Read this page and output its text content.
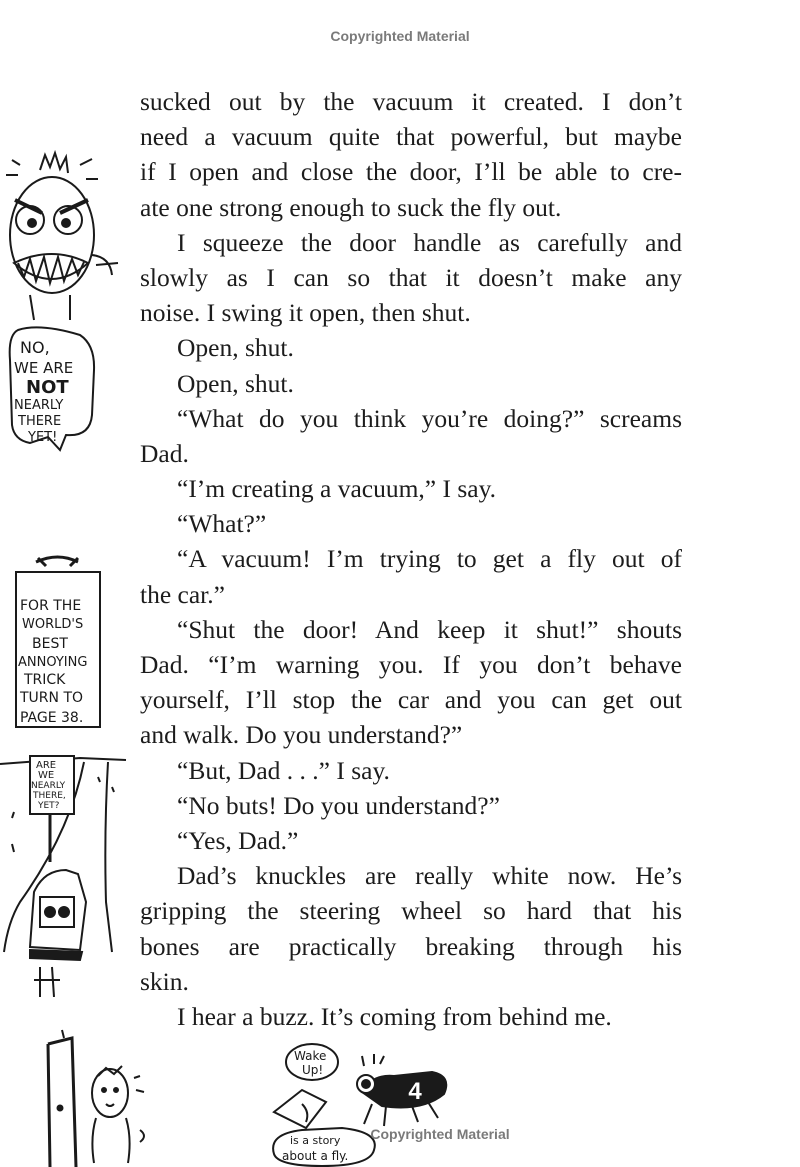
Copyrighted Material
sucked out by the vacuum it created. I don’t
need a vacuum quite that powerful, but maybe
if I open and close the door, I’ll be able to cre-
ate one strong enough to suck the fly out.
I squeeze the door handle as carefully and
slowly as I can so that it doesn’t make any
noise. I swing it open, then shut.
Open, shut.
Open, shut.
“What do you think you’re doing?” screams
Dad.
“I’m creating a vacuum,” I say.
“What?”
“A vacuum! I’m trying to get a fly out of
the car.”
“Shut the door! And keep it shut!” shouts
Dad. “I’m warning you. If you don’t behave
yourself, I’ll stop the car and you can get out
and walk. Do you understand?”
“But, Dad . . .” I say.
“No buts! Do you understand?”
“Yes, Dad.”
Dad’s knuckles are really white now. He’s
gripping the steering wheel so hard that his
bones are practically breaking through his
skin.
I hear a buzz. It’s coming from behind me.
NO,
WE ARE
NOT
NEARLY
THERE
YET!
FOR THE
WORLD'S
BEST
ANNOYING
TRICK
TURN TO
PAGE 38.
ARE
WE
NEARLY
THERE,
YET?
Wake
Up!
is a story
about a fly.
4
Copyrighted Material
